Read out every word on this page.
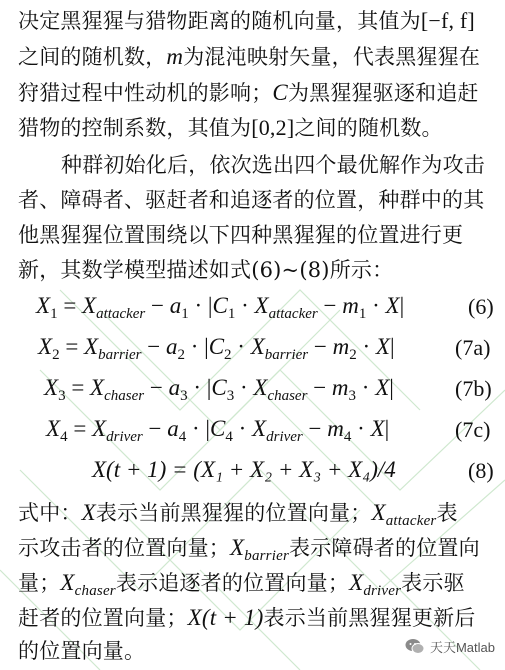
决定黑猩猩与猎物距离的随机向量，其值为[−f, f]
之间的随机数，m为混沌映射矢量，代表黑猩猩在
狩猎过程中性动机的影响；C为黑猩猩驱逐和追赶
猎物的控制系数，其值为[0,2]之间的随机数。
种群初始化后，依次选出四个最优解作为攻击
者、障碍者、驱赶者和追逐者的位置，种群中的其
他黑猩猩位置围绕以下四种黑猩猩的位置进行更
新，其数学模型描述如式(6)~(8)所示：
$X_1 = X_{attacker} - a_1 \cdot |C_1 \cdot X_{attacker} - m_1 \cdot X|$	(6)
$X_2 = X_{barrier} - a_2 \cdot |C_2 \cdot X_{barrier} - m_2 \cdot X|$	(7a)
$X_3 = X_{chaser} - a_3 \cdot |C_3 \cdot X_{chaser} - m_3 \cdot X|$	(7b)
$X_4 = X_{driver} - a_4 \cdot |C_4 \cdot X_{driver} - m_4 \cdot X|$	(7c)
X(t + 1) = (X₁ + X₂ + X₃ + X₄)/4	(8)
式中：X表示当前黑猩猩的位置向量；$X_{attacker}$表
示攻击者的位置向量；$X_{barrier}$表示障碍者的位置向
量；$X_{chaser}$表示追逐者的位置向量；$X_{driver}$表示驱
赶者的位置向量；X(t + 1)表示当前黑猩猩更新后
的位置向量。	天天Matlab
